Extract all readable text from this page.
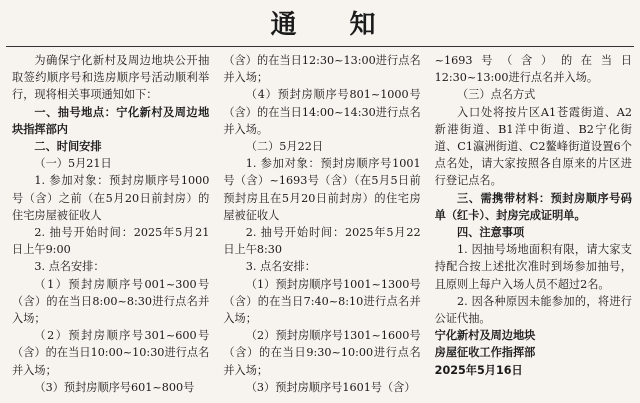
通 知

为确保宁化新村及周边地块公开抽取签约顺序号和选房顺序号活动顺利举行，现将相关事项通知如下：

一、抽号地点：宁化新村及周边地块指挥部内

二、时间安排

（一）5月21日

1. 参加对象：预封房顺序号1000号（含）之前（在5月20日前封房）的住宅房屋被征收人

2. 抽号开始时间：2025年5月21日上午9:00

3. 点名安排：

（1）预封房顺序号001~300号（含）的在当日8:00~8:30进行点名并入场；

（2）预封房顺序号301~600号（含）的在当日10:00~10:30进行点名并入场；

（3）预封房顺序号601~800号

（含）的在当日12:30~13:00进行点名并入场；

（4）预封房顺序号801~1000号（含）的在当日14:00~14:30进行点名并入场。

（二）5月22日

1. 参加对象：预封房顺序号1001号（含）~1693号（含）（在5月5日前预封房且在5月20日前封房）的住宅房屋被征收人

2. 抽号开始时间：2025年5月22日上午8:30

3. 点名安排：

（1）预封房顺序号1001~1300号（含）的在当日7:40~8:10进行点名并入场；

（2）预封房顺序号1301~1600号（含）的在当日9:30~10:00进行点名并入场；

（3）预封房顺序号1601号（含）

~1693号（含）的在当日12:30~13:00进行点名并入场。

（三）点名方式

入口处将按片区A1苍霞街道、A2新港街道、B1洋中街道、B2宁化街道、C1瀛洲街道、C2鳌峰街道设置6个点名处，请大家按照各自原来的片区进行登记点名。

三、需携带材料：预封房顺序号码单（红卡）、封房完成证明单。

四、注意事项

1. 因抽号场地面积有限，请大家支持配合按上述批次准时到场参加抽号，且原则上每户入场人员不超过2名。

2. 因各种原因未能参加的，将进行公证代抽。

宁化新村及周边地块

房屋征收工作指挥部

2025年5月16日
